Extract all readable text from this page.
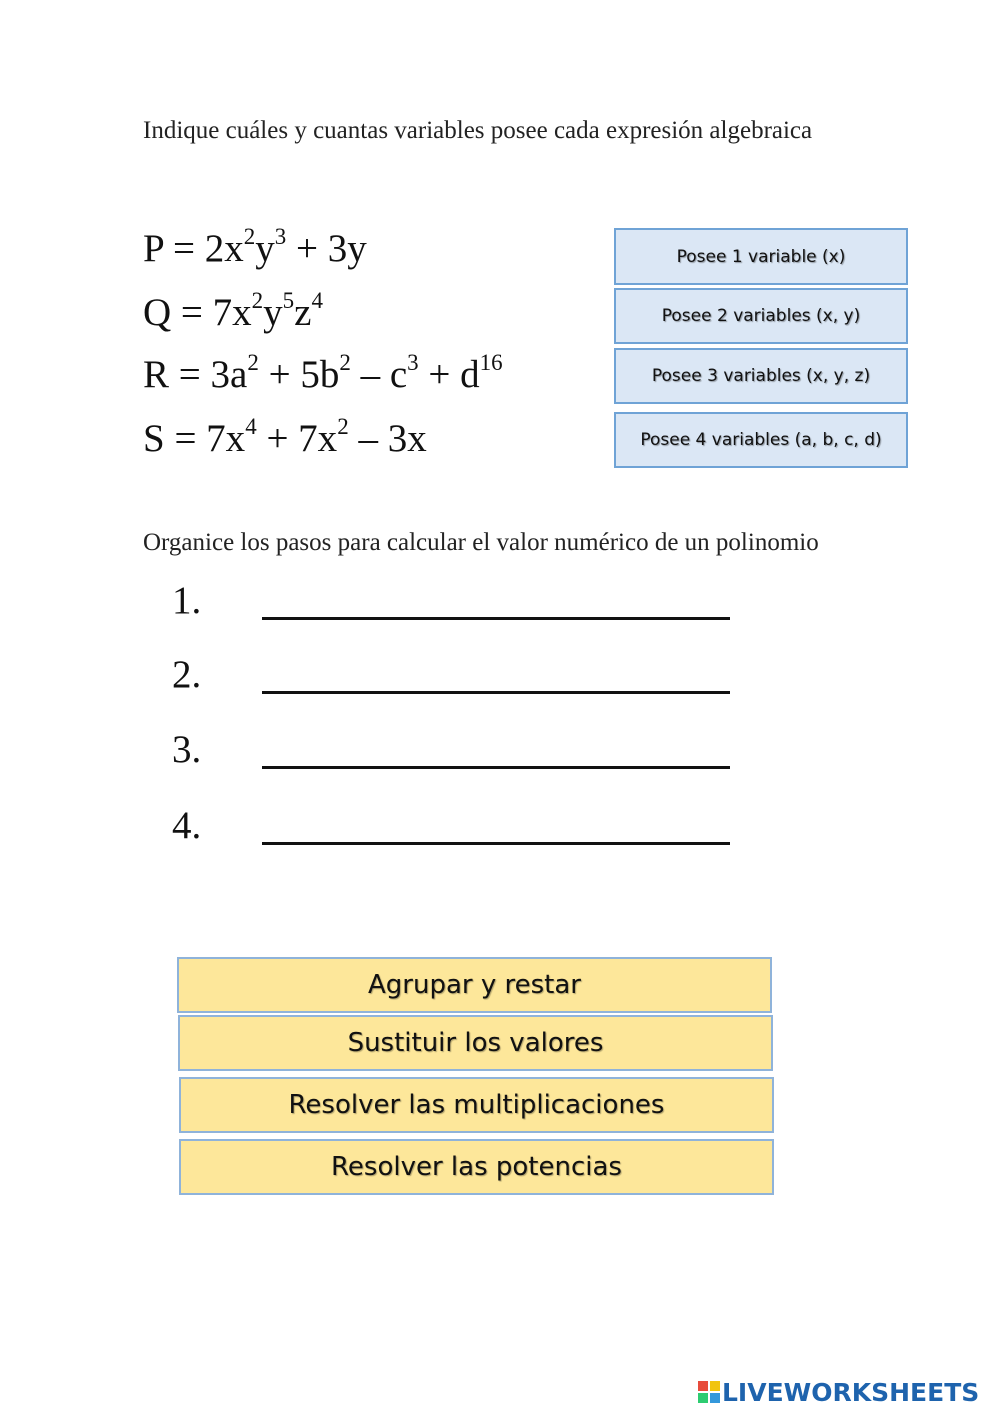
Indique cuáles y cuantas variables posee cada expresión algebraica
$P = 2x^2y^3 + 3y$
$Q = 7x^2y^5z^4$
$R = 3a^2 + 5b^2 - c^3 + d^{16}$
$S = 7x^4 + 7x^2 - 3x$
Posee 1 variable (x)
Posee 2 variables (x, y)
Posee 3 variables (x, y, z)
Posee 4 variables (a, b, c, d)
Organice los pasos para calcular el valor numérico de un polinomio
1.
2.
3.
4.
Agrupar y restar
Sustituir los valores
Resolver las multiplicaciones
Resolver las potencias
LIVEWORKSHEETS
